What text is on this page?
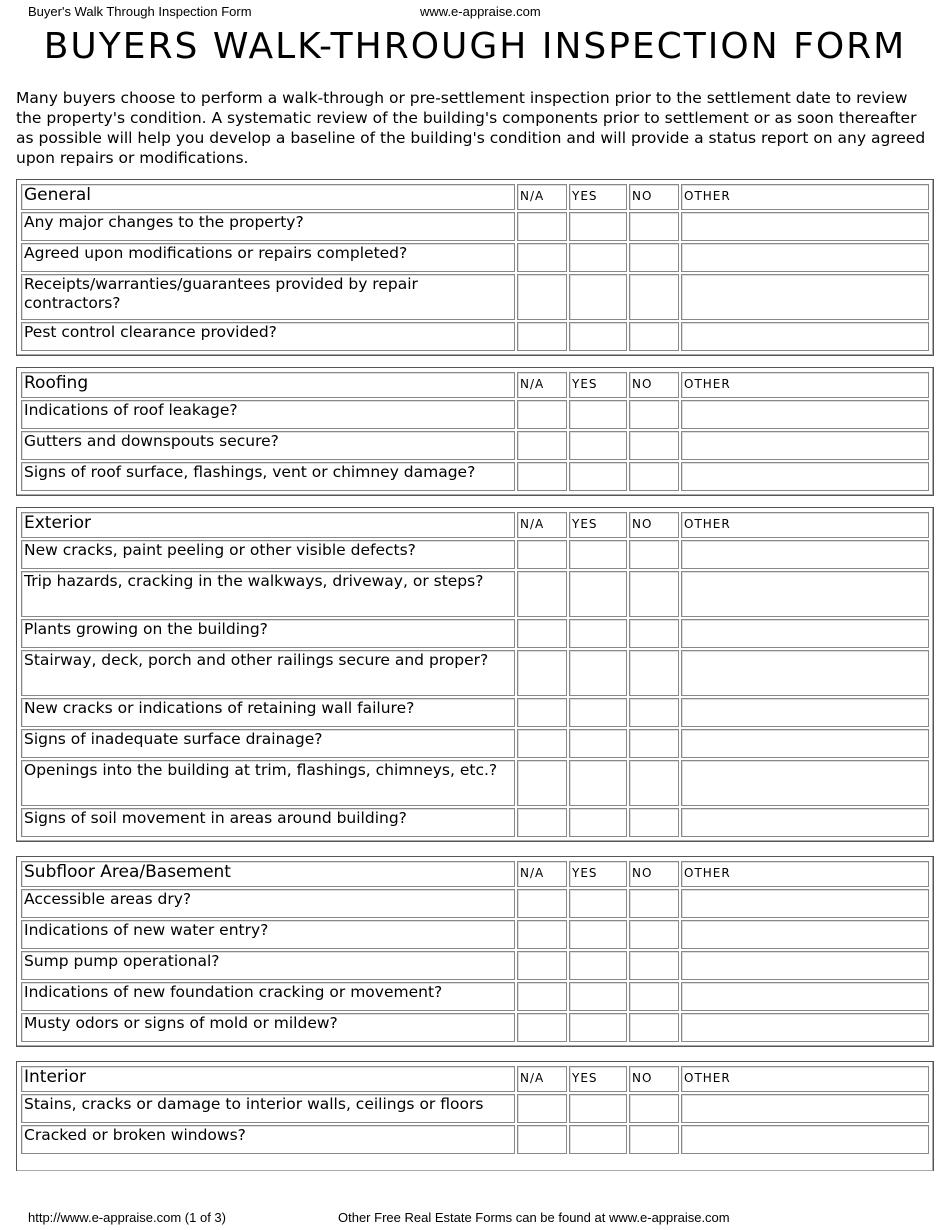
Buyer's Walk Through Inspection Form	www.e-appraise.com
BUYERS WALK-THROUGH INSPECTION FORM

Many buyers choose to perform a walk-through or pre-settlement inspection prior to the settlement date to review the property's condition. A systematic review of the building's components prior to settlement or as soon thereafter as possible will help you develop a baseline of the building's condition and will provide a status report on any agreed upon repairs or modifications.

General	N/A	YES	NO	OTHER
Any major changes to the property?				
Agreed upon modifications or repairs completed?				
Receipts/warranties/guarantees provided by repair contractors?				
Pest control clearance provided?				
Roofing	N/A	YES	NO	OTHER
Indications of roof leakage?				
Gutters and downspouts secure?				
Signs of roof surface, flashings, vent or chimney damage?				
Exterior	N/A	YES	NO	OTHER
New cracks, paint peeling or other visible defects?				
Trip hazards, cracking in the walkways, driveway, or steps?				
Plants growing on the building?				
Stairway, deck, porch and other railings secure and proper?				
New cracks or indications of retaining wall failure?				
Signs of inadequate surface drainage?				
Openings into the building at trim, flashings, chimneys, etc.?				
Signs of soil movement in areas around building?				
Subfloor Area/Basement	N/A	YES	NO	OTHER
Accessible areas dry?				
Indications of new water entry?				
Sump pump operational?				
Indications of new foundation cracking or movement?				
Musty odors or signs of mold or mildew?				
Interior	N/A	YES	NO	OTHER
Stains, cracks or damage to interior walls, ceilings or floors				
Cracked or broken windows?				
http://www.e-appraise.com (1 of 3)	Other Free Real Estate Forms can be found at www.e-appraise.com
